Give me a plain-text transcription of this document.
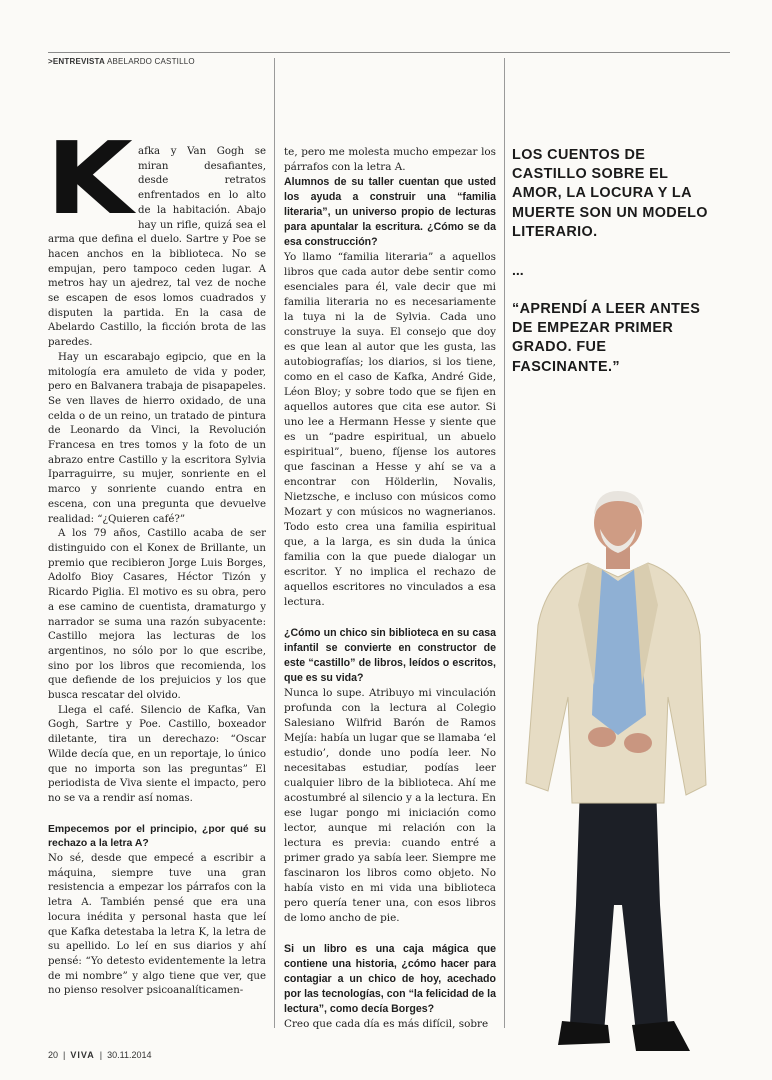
>ENTREVISTA ABELARDO CASTILLO
K afka y Van Gogh se miran desafiantes, desde retratos enfrentados en lo alto de la habitación. Abajo hay un rifle, quizá sea el arma que defina el duelo. Sartre y Poe se hacen anchos en la biblioteca. No se empujan, pero tampoco ceden lugar. A metros hay un ajedrez, tal vez de noche se escapen de esos lomos cuadrados y disputen la partida. En la casa de Abelardo Castillo, la ficción brota de las paredes.

Hay un escarabajo egipcio, que en la mitología era amuleto de vida y poder, pero en Balvanera trabaja de pisapapeles. Se ven llaves de hierro oxidado, de una celda o de un reino, un tratado de pintura de Leonardo da Vinci, la Revolución Francesa en tres tomos y la foto de un abrazo entre Castillo y la escritora Sylvia Iparraguirre, su mujer, sonriente en el marco y sonriente cuando entra en escena, con una pregunta que devuelve realidad: “¿Quieren café?”

A los 79 años, Castillo acaba de ser distinguido con el Konex de Brillante, un premio que recibieron Jorge Luis Borges, Adolfo Bioy Casares, Héctor Tizón y Ricardo Piglia. El motivo es su obra, pero a ese camino de cuentista, dramaturgo y narrador se suma una razón subyacente: Castillo mejora las lecturas de los argentinos, no sólo por lo que escribe, sino por los libros que recomienda, los que defiende de los prejuicios y los que busca rescatar del olvido.

Llega el café. Silencio de Kafka, Van Gogh, Sartre y Poe. Castillo, boxeador diletante, tira un derechazo: “Oscar Wilde decía que, en un reportaje, lo único que no importa son las preguntas” El periodista de Viva siente el impacto, pero no se va a rendir así nomas.

Empecemos por el principio, ¿por qué su rechazo a la letra A?

No sé, desde que empecé a escribir a máquina, siempre tuve una gran resistencia a empezar los párrafos con la letra A. También pensé que era una locura inédita y personal hasta que leí que Kafka detestaba la letra K, la letra de su apellido. Lo leí en sus diarios y ahí pensé: “Yo detesto evidentemente la letra de mi nombre” y algo tiene que ver, que no pienso resolver psicoanalíticamen-

te, pero me molesta mucho empezar los párrafos con la letra A.

Alumnos de su taller cuentan que usted los ayuda a construir una “familia literaria”, un universo propio de lecturas para apuntalar la escritura. ¿Cómo se da esa construcción?

Yo llamo “familia literaria” a aquellos libros que cada autor debe sentir como esenciales para él, vale decir que mi familia literaria no es necesariamente la tuya ni la de Sylvia. Cada uno construye la suya. El consejo que doy es que lean al autor que les gusta, las autobiografías; los diarios, si los tiene, como en el caso de Kafka, André Gide, Léon Bloy; y sobre todo que se fijen en aquellos autores que cita ese autor. Si uno lee a Hermann Hesse y siente que es un “padre espiritual, un abuelo espiritual”, bueno, fíjense los autores que fascinan a Hesse y ahí se va a encontrar con Hölderlin, Novalis, Nietzsche, e incluso con músicos como Mozart y con músicos no wagnerianos. Todo esto crea una familia espiritual que, a la larga, es sin duda la única familia con la que puede dialogar un escritor. Y no implica el rechazo de aquellos escritores no vinculados a esa lectura.

¿Cómo un chico sin biblioteca en su casa infantil se convierte en constructor de este “castillo” de libros, leídos o escritos, que es su vida?

Nunca lo supe. Atribuyo mi vinculación profunda con la lectura al Colegio Salesiano Wilfrid Barón de Ramos Mejía: había un lugar que se llamaba ‘el estudio’, donde uno podía leer. No necesitabas estudiar, podías leer cualquier libro de la biblioteca. Ahí me acostumbré al silencio y a la lectura. En ese lugar pongo mi iniciación como lector, aunque mi relación con la lectura es previa: cuando entré a primer grado ya sabía leer. Siempre me fascinaron los libros como objeto. No había visto en mi vida una biblioteca pero quería tener una, con esos libros de lomo ancho de pie.

Si un libro es una caja mágica que contiene una historia, ¿cómo hacer para contagiar a un chico de hoy, acechado por las tecnologías, con “la felicidad de la lectura”, como decía Borges?

Creo que cada día es más difícil, sobre

LOS CUENTOS DE CASTILLO SOBRE EL AMOR, LA LOCURA Y LA MUERTE SON UN MODELO LITERARIO.
...
“APRENDÍ A LEER ANTES DE EMPEZAR PRIMER GRADO. FUE FASCINANTE.”
20  |  VIVA  |  30.11.2014
